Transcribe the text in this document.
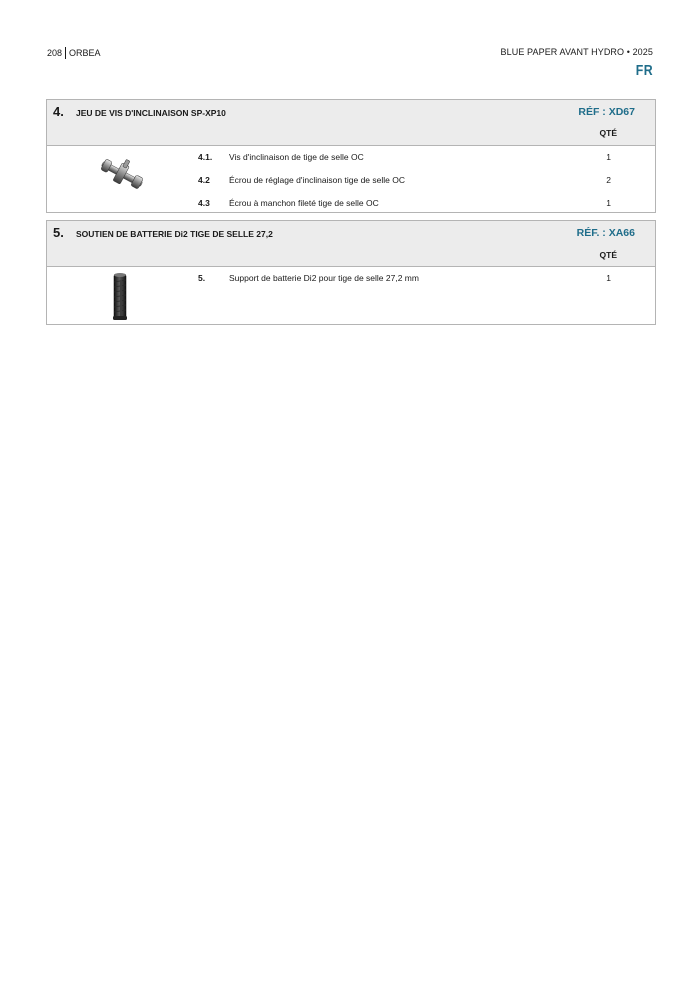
208 ORBEA	BLUE PAPER AVANT HYDRO • 2025
FR
4. JEU DE VIS D'INCLINAISON SP-XP10	RÉF : XD67
QTÉ
4.1. Vis d'inclinaison de tige de selle OC	1
4.2 Écrou de réglage d'inclinaison tige de selle OC	2
4.3 Écrou à manchon fileté tige de selle OC	1
5. SOUTIEN DE BATTERIE Di2 TIGE DE SELLE 27,2	RÉF. : XA66
QTÉ
5.	Support de batterie Di2 pour tige de selle 27,2 mm	1
